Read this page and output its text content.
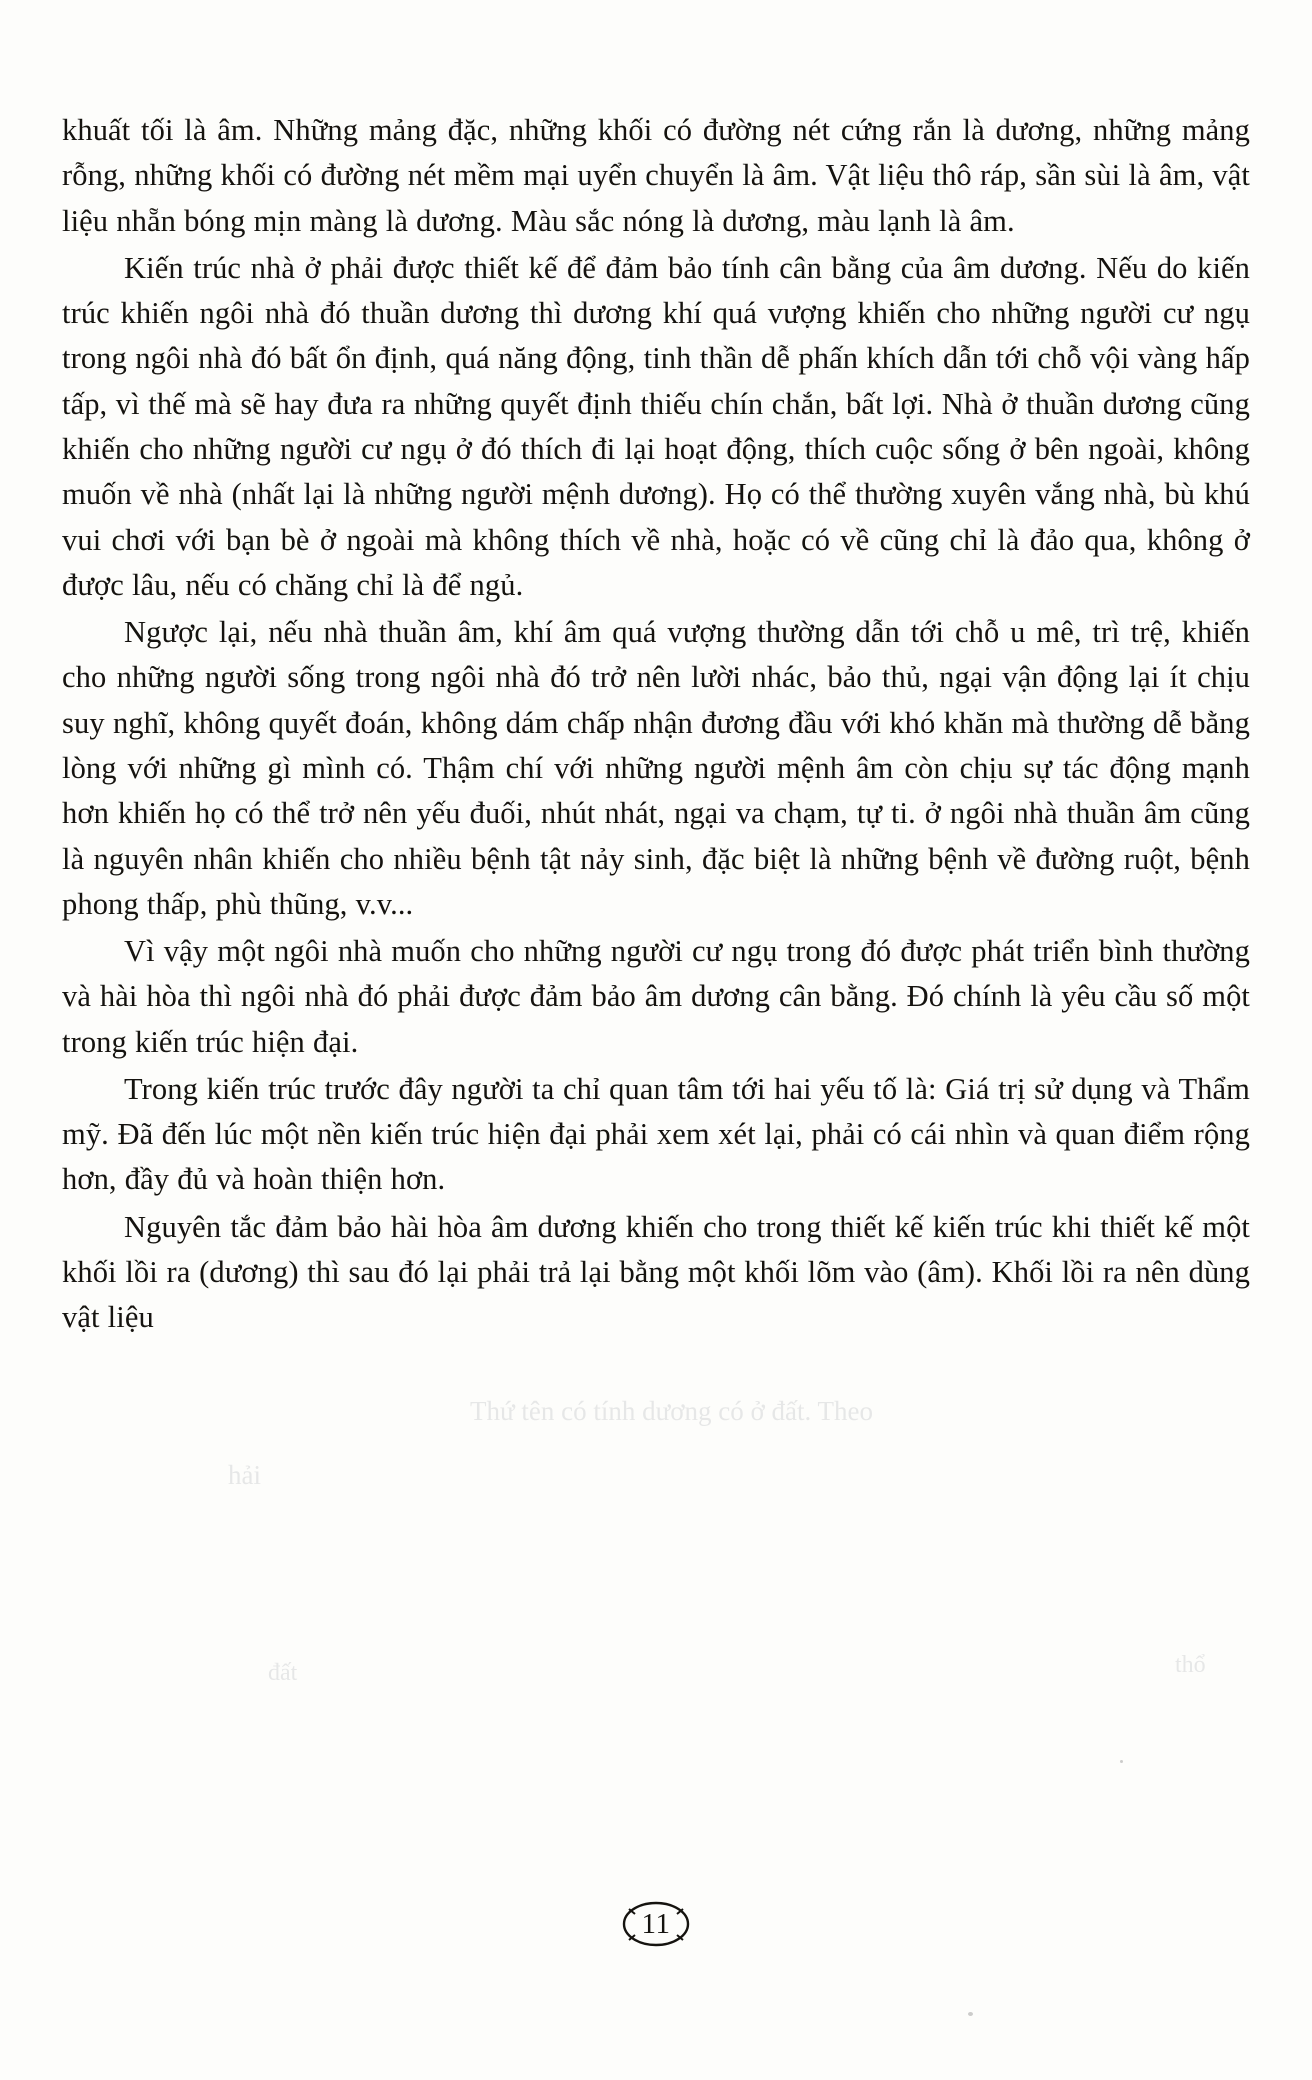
khuất tối là âm. Những mảng đặc, những khối có đường nét cứng rắn là dương, những mảng rỗng, những khối có đường nét mềm mại uyển chuyển là âm. Vật liệu thô ráp, sần sùi là âm, vật liệu nhẵn bóng mịn màng là dương. Màu sắc nóng là dương, màu lạnh là âm.

Kiến trúc nhà ở phải được thiết kế để đảm bảo tính cân bằng của âm dương. Nếu do kiến trúc khiến ngôi nhà đó thuần dương thì dương khí quá vượng khiến cho những người cư ngụ trong ngôi nhà đó bất ổn định, quá năng động, tinh thần dễ phấn khích dẫn tới chỗ vội vàng hấp tấp, vì thế mà sẽ hay đưa ra những quyết định thiếu chín chắn, bất lợi. Nhà ở thuần dương cũng khiến cho những người cư ngụ ở đó thích đi lại hoạt động, thích cuộc sống ở bên ngoài, không muốn về nhà (nhất lại là những người mệnh dương). Họ có thể thường xuyên vắng nhà, bù khú vui chơi với bạn bè ở ngoài mà không thích về nhà, hoặc có về cũng chỉ là đảo qua, không ở được lâu, nếu có chăng chỉ là để ngủ.

Ngược lại, nếu nhà thuần âm, khí âm quá vượng thường dẫn tới chỗ u mê, trì trệ, khiến cho những người sống trong ngôi nhà đó trở nên lười nhác, bảo thủ, ngại vận động lại ít chịu suy nghĩ, không quyết đoán, không dám chấp nhận đương đầu với khó khăn mà thường dễ bằng lòng với những gì mình có. Thậm chí với những người mệnh âm còn chịu sự tác động mạnh hơn khiến họ có thể trở nên yếu đuối, nhút nhát, ngại va chạm, tự ti. ở ngôi nhà thuần âm cũng là nguyên nhân khiến cho nhiều bệnh tật nảy sinh, đặc biệt là những bệnh về đường ruột, bệnh phong thấp, phù thũng, v.v...

Vì vậy một ngôi nhà muốn cho những người cư ngụ trong đó được phát triển bình thường và hài hòa thì ngôi nhà đó phải được đảm bảo âm dương cân bằng. Đó chính là yêu cầu số một trong kiến trúc hiện đại.

Trong kiến trúc trước đây người ta chỉ quan tâm tới hai yếu tố là: Giá trị sử dụng và Thẩm mỹ. Đã đến lúc một nền kiến trúc hiện đại phải xem xét lại, phải có cái nhìn và quan điểm rộng hơn, đầy đủ và hoàn thiện hơn.

Nguyên tắc đảm bảo hài hòa âm dương khiến cho trong thiết kế kiến trúc khi thiết kế một khối lồi ra (dương) thì sau đó lại phải trả lại bằng một khối lõm vào (âm). Khối lồi ra nên dùng vật liệu

Thứ tên có tính dương có ở đất. Theo
hải
đất	thổ
11
